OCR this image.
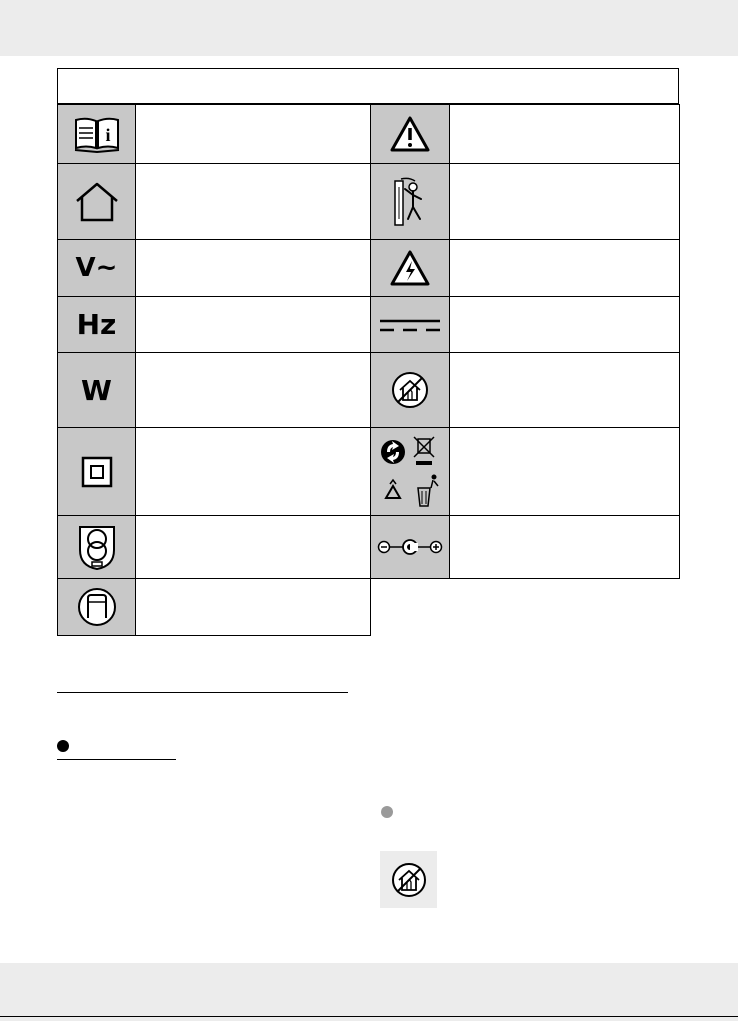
i
V~
Hz
W
